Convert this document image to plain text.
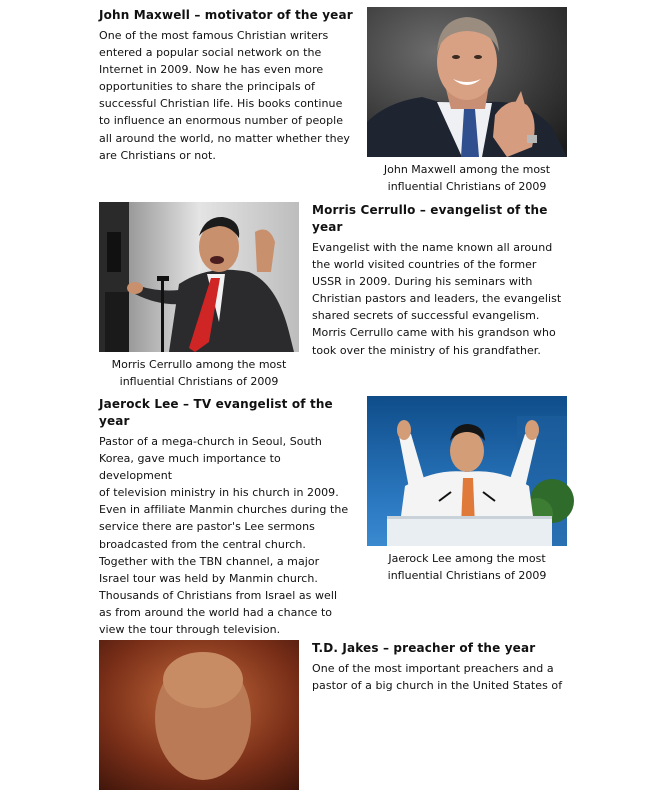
John Maxwell – motivator of the year
One of the most famous Christian writers
entered a popular social network on the
Internet in 2009. Now he has even more
opportunities to share the principals of
successful Christian life. His books continue
to influence an enormous number of people
all around the world, no matter whether they
are Christians or not.
John Maxwell among the most
influential Christians of 2009
Morris Cerrullo among the most
influential Christians of 2009
Morris Cerrullo – evangelist of the
year
Evangelist with the name known all around
the world visited countries of the former
USSR in 2009. During his seminars with
Christian pastors and leaders, the evangelist
shared secrets of successful evangelism.
Morris Cerrullo came with his grandson who
took over the ministry of his grandfather.
Jaerock Lee – TV evangelist of the
year
Pastor of a mega-church in Seoul, South
Korea, gave much importance to development
of television ministry in his church in 2009.
Even in affiliate Manmin churches during the
service there are pastor's Lee sermons
broadcasted from the central church.
Together with the TBN channel, a major
Israel tour was held by Manmin church.
Thousands of Christians from Israel as well
as from around the world had a chance to
view the tour through television.
Jaerock Lee among the most
influential Christians of 2009
T.D. Jakes – preacher of the year
One of the most important preachers and a
pastor of a big church in the United States of
